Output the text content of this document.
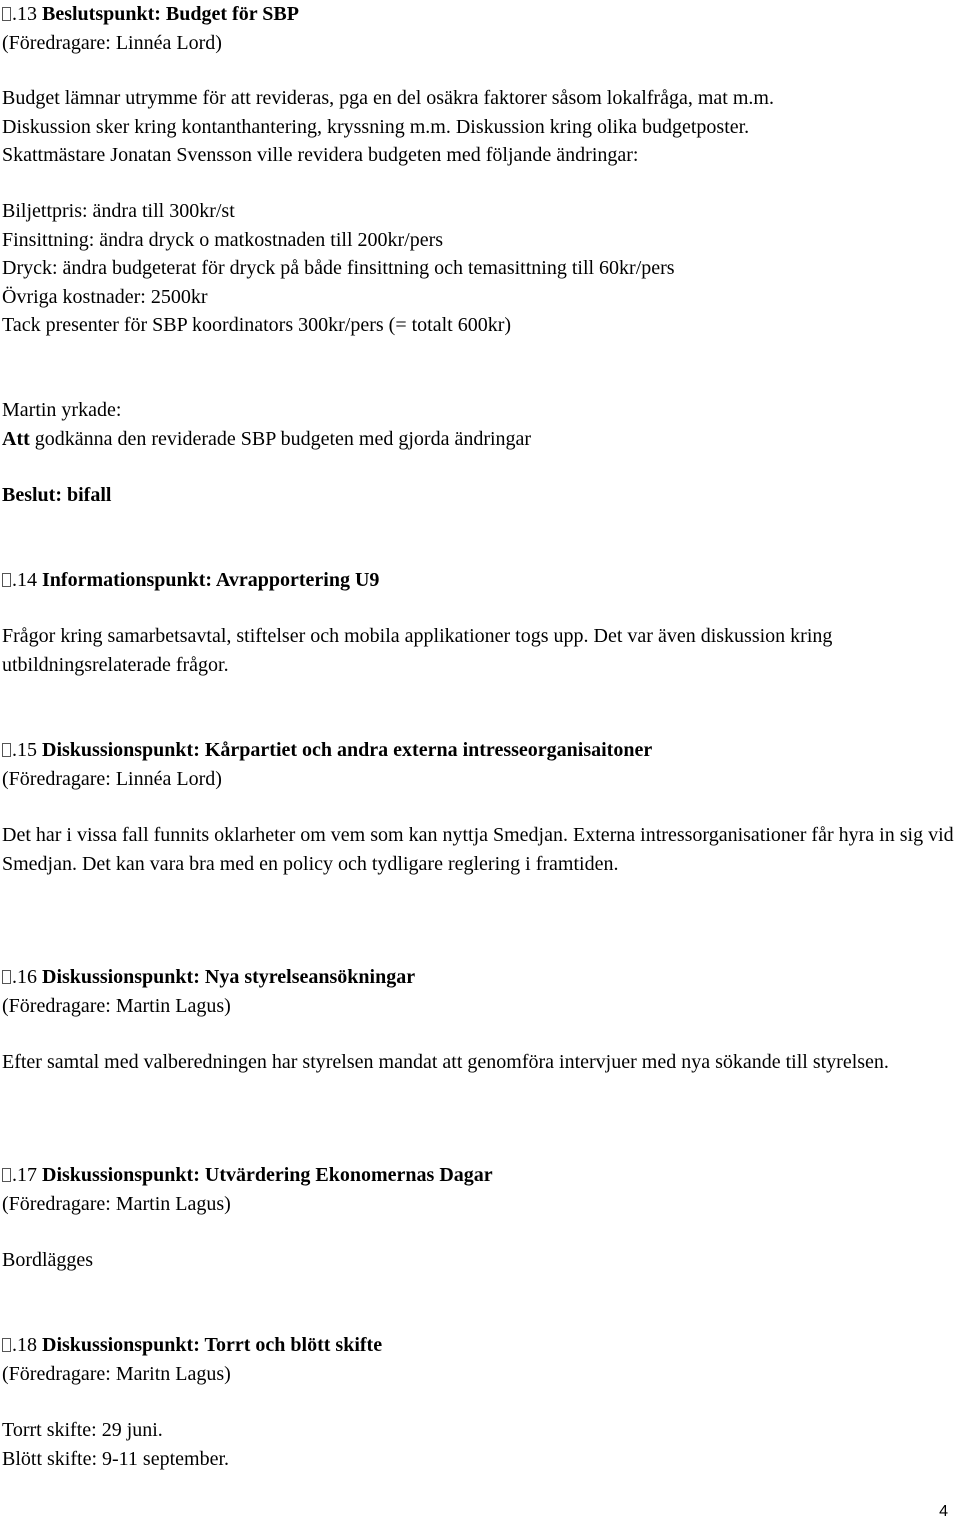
.13 Beslutspunkt: Budget för SBP
(Föredragare: Linnéa Lord)
Budget lämnar utrymme för att revideras, pga en del osäkra faktorer såsom lokalfråga, mat m.m.
Diskussion sker kring kontanthantering, kryssning m.m. Diskussion kring olika budgetposter.
Skattmästare Jonatan Svensson ville revidera budgeten med följande ändringar:
Biljettpris: ändra till 300kr/st
Finsittning: ändra dryck o matkostnaden till 200kr/pers
Dryck: ändra budgeterat för dryck på både finsittning och temasittning till 60kr/pers
Övriga kostnader: 2500kr
Tack presenter för SBP koordinators 300kr/pers (= totalt 600kr)
Martin yrkade:
Att godkänna den reviderade SBP budgeten med gjorda ändringar
Beslut: bifall
.14 Informationspunkt: Avrapportering U9
Frågor kring samarbetsavtal, stiftelser och mobila applikationer togs upp. Det var även diskussion kring utbildningsrelaterade frågor.
.15 Diskussionspunkt: Kårpartiet och andra externa intresseorganisaitoner
(Föredragare: Linnéa Lord)
Det har i vissa fall funnits oklarheter om vem som kan nyttja Smedjan. Externa intressorganisationer får hyra in sig vid Smedjan. Det kan vara bra med en policy och tydligare reglering i framtiden.
.16 Diskussionspunkt: Nya styrelseansökningar
(Föredragare: Martin Lagus)
Efter samtal med valberedningen har styrelsen mandat att genomföra intervjuer med nya sökande till styrelsen.
.17 Diskussionspunkt: Utvärdering Ekonomernas Dagar
(Föredragare: Martin Lagus)
Bordlägges
.18 Diskussionspunkt: Torrt och blött skifte
(Föredragare: Maritn Lagus)
Torrt skifte: 29 juni.
Blött skifte: 9-11 september.
4
